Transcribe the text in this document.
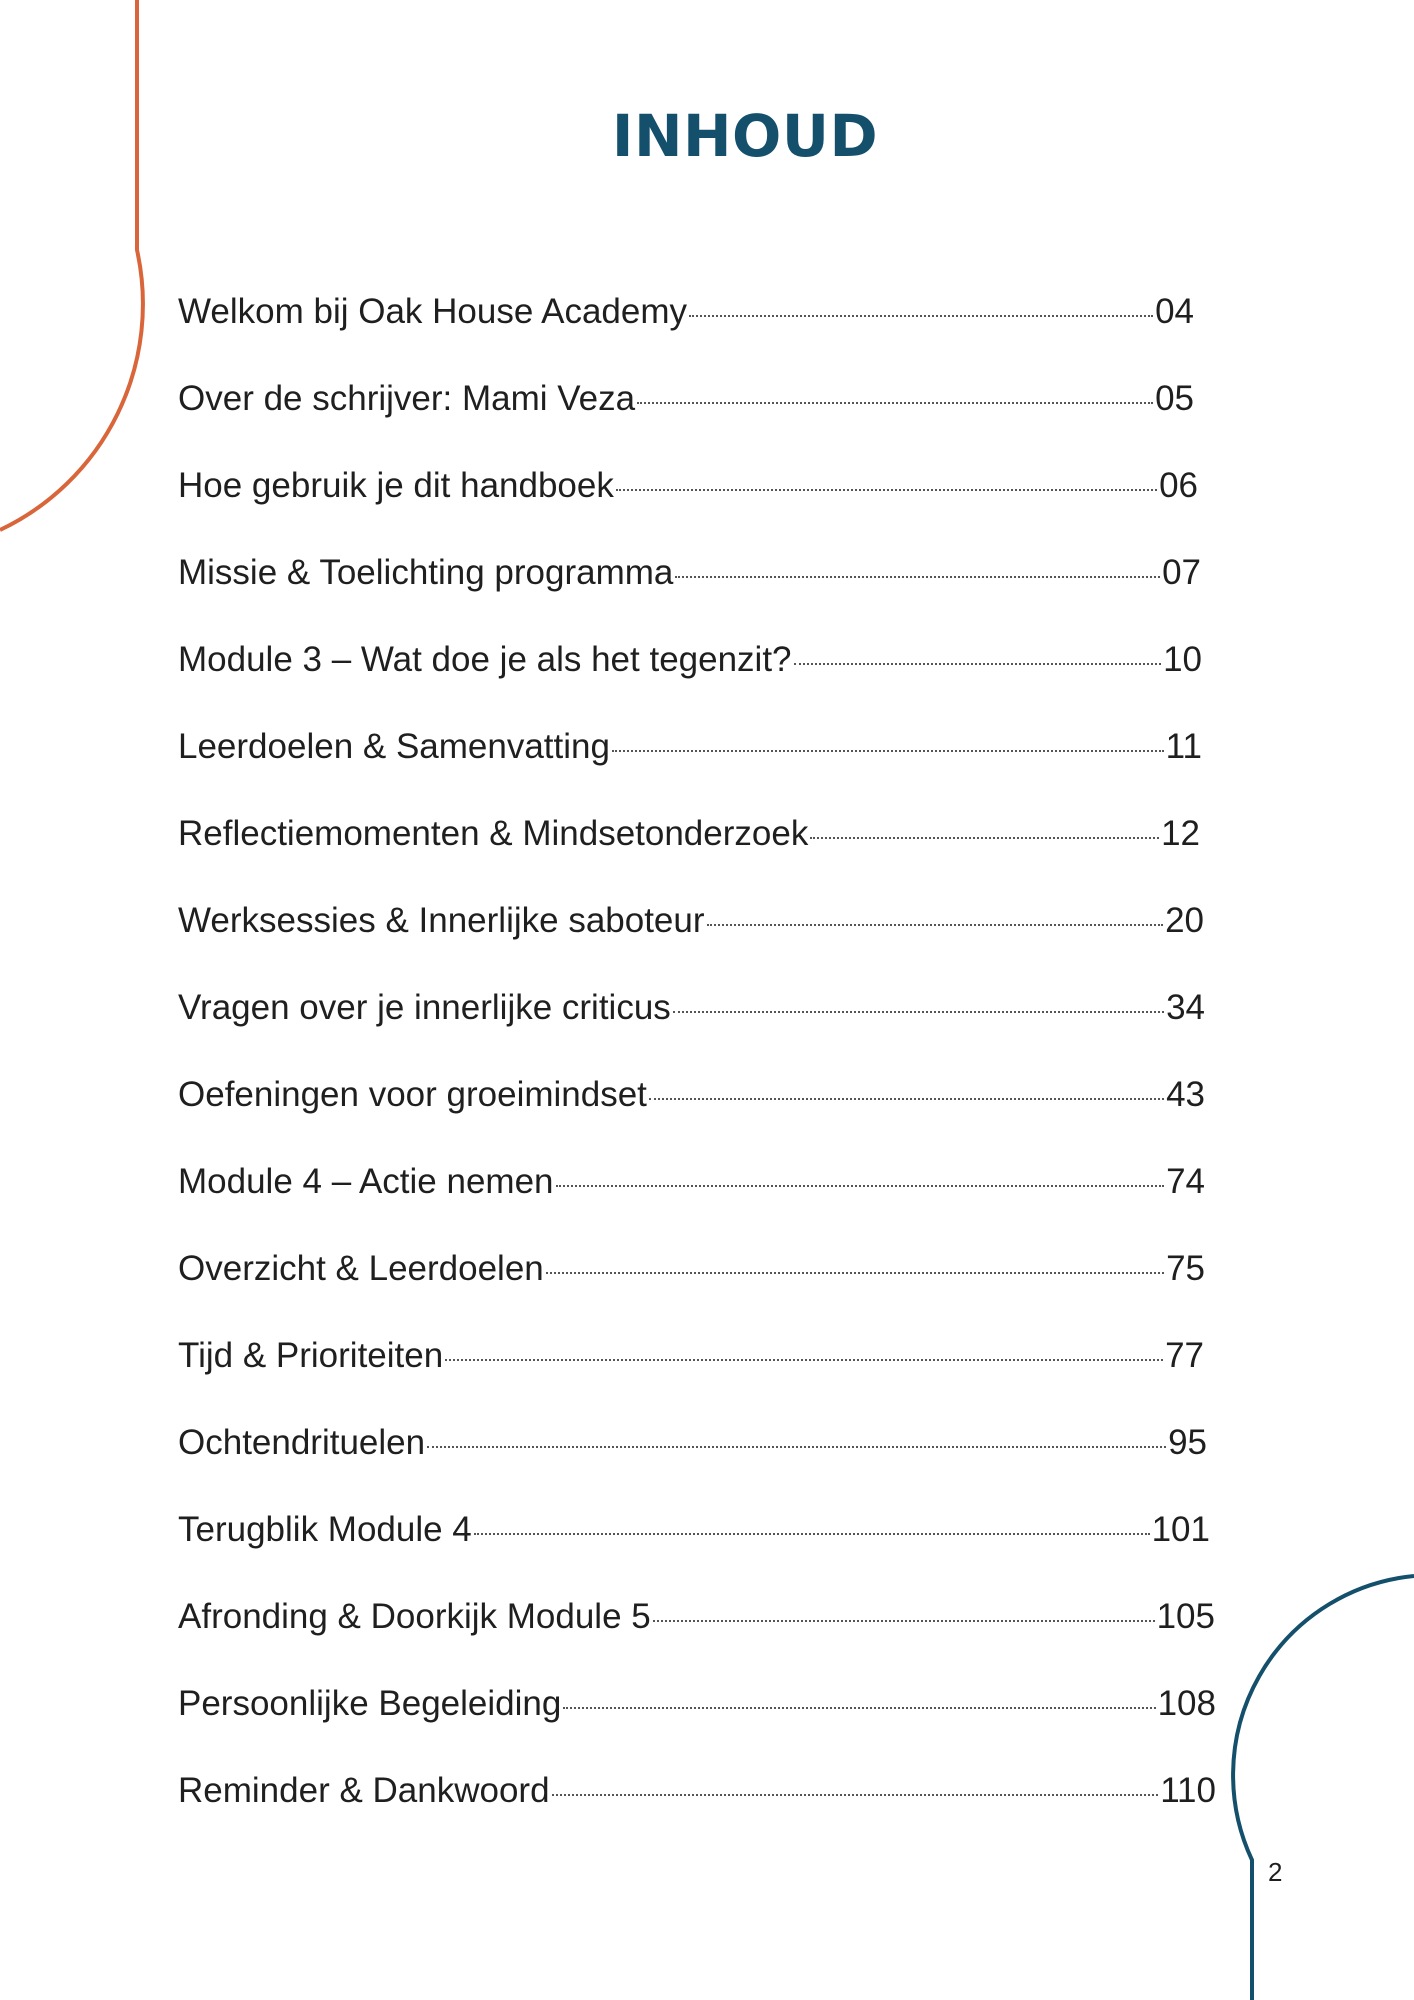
INHOUD
Welkom bij Oak House Academy	04
Over de schrijver: Mami Veza	05
Hoe gebruik je dit handboek	06
Missie & Toelichting programma	07
Module 3 – Wat doe je als het tegenzit?	10
Leerdoelen & Samenvatting	11
Reflectiemomenten & Mindsetonderzoek	12
Werksessies & Innerlijke saboteur	20
Vragen over je innerlijke criticus	34
Oefeningen voor groeimindset	43
Module 4 – Actie nemen	74
Overzicht & Leerdoelen	75
Tijd & Prioriteiten	77
Ochtendrituelen	95
Terugblik Module 4	101
Afronding & Doorkijk Module 5	105
Persoonlijke Begeleiding	108
Reminder & Dankwoord	110
2
